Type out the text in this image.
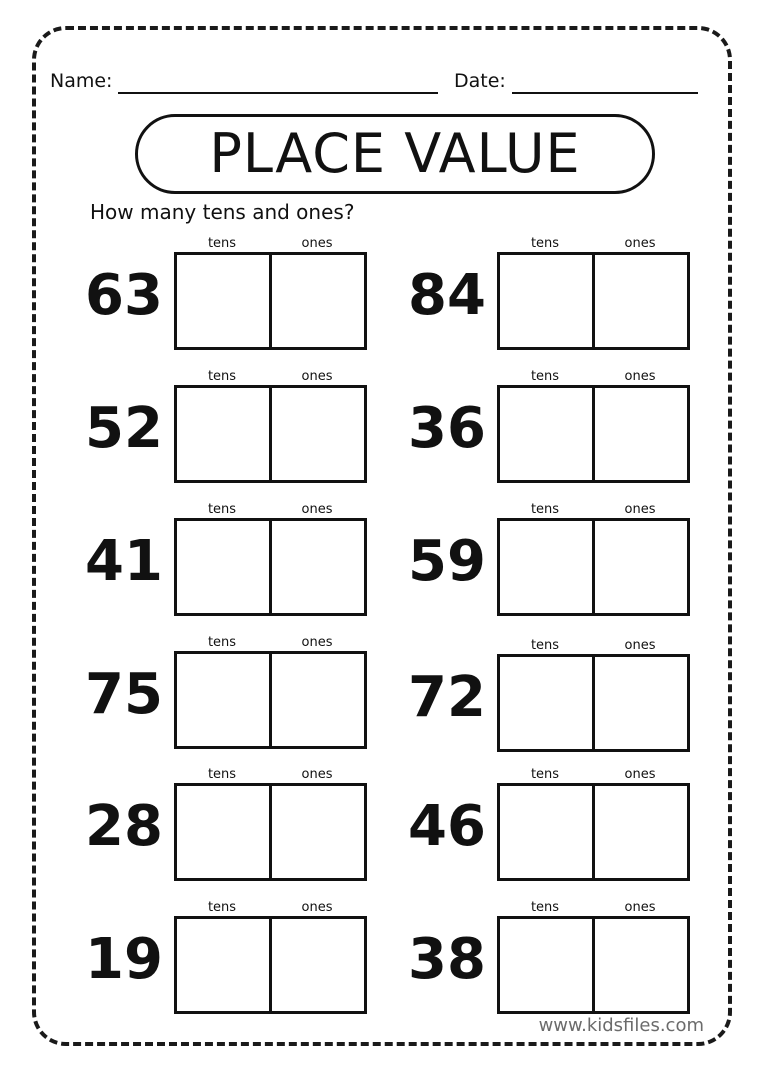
Name:	Date:
PLACE VALUE
How many tens and ones?
63
tens	ones
84
tens	ones
52
tens	ones
36
tens	ones
41
tens	ones
59
tens	ones
75
tens	ones
72
tens	ones
28
tens	ones
46
tens	ones
19
tens	ones
38
tens	ones
www.kidsfiles.com
